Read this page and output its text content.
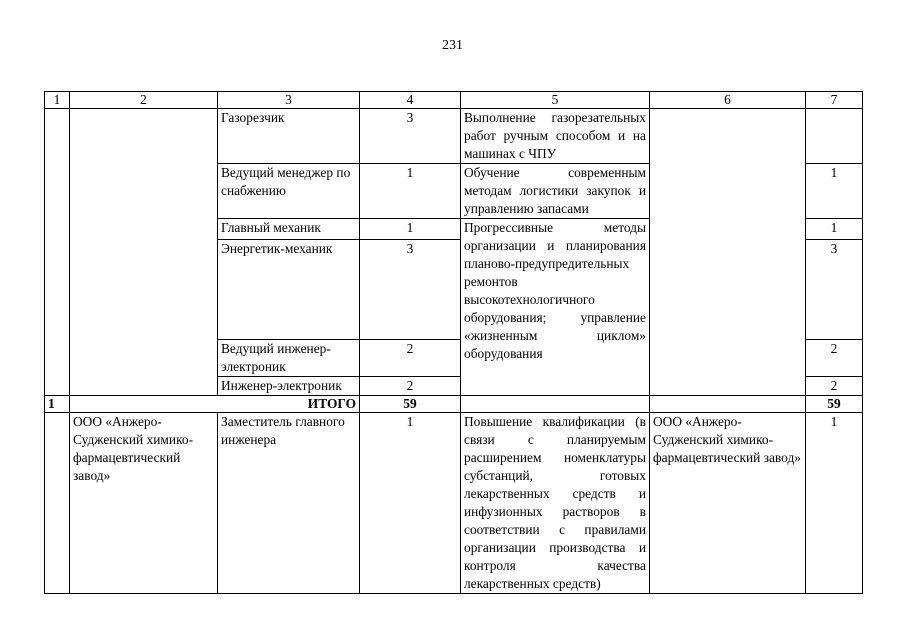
231
1	2	3	4	5	6	7
		Газорезчик	3	Выполнение газорезательных работ ручным способом и на машинах с ЧПУ		
		Ведущий менеджер по снабжению	1	Обучение современным методам логистики закупок и управлению запасами		1
		Главный механик	1	Прогрессивные методы организации и планирования планово-предупредительных ремонтов высокотехнологичного оборудования; управление «жизненным циклом» оборудования		1
		Энергетик-механик	3			3
		Ведущий инженер-электроник	2			2
		Инженер-электроник	2			2
1	ИТОГО		59			59
	ООО «Анжеро-Судженский химико-фармацевтический завод»	Заместитель главного инженера	1	Повышение квалификации (в связи с планируемым расширением номенклатуры субстанций, готовых лекарственных средств и инфузионных растворов в соответствии с правилами организации производства и контроля качества лекарственных средств)	ООО «Анжеро-Судженский химико-фармацевтический завод»	1
